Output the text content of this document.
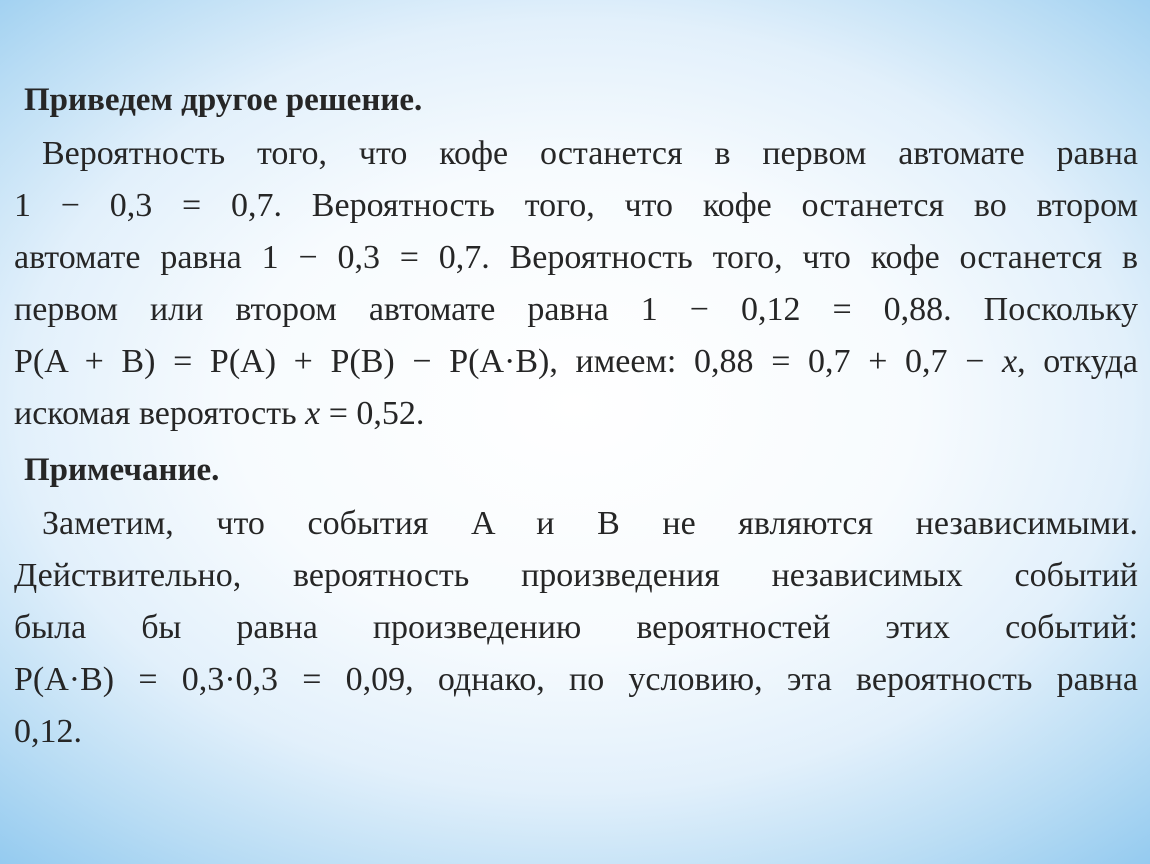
Приведем другое решение.
Вероятность того, что кофе останется в первом автомате равна
1 − 0,3 = 0,7. Вероятность того, что кофе останется во втором
автомате равна 1 − 0,3 = 0,7. Вероятность того, что кофе останется в
первом или втором автомате равна 1 − 0,12 = 0,88. Поскольку
P(A + B) = P(A) + P(B) − P(A·B), имеем: 0,88 = 0,7 + 0,7 − x, откуда
искомая вероятость x = 0,52.
Примечание.
Заметим, что события A и B не являются независимыми.
Действительно, вероятность произведения независимых событий
была бы равна произведению вероятностей этих событий:
P(A·B) = 0,3·0,3 = 0,09, однако, по условию, эта вероятность равна
0,12.
